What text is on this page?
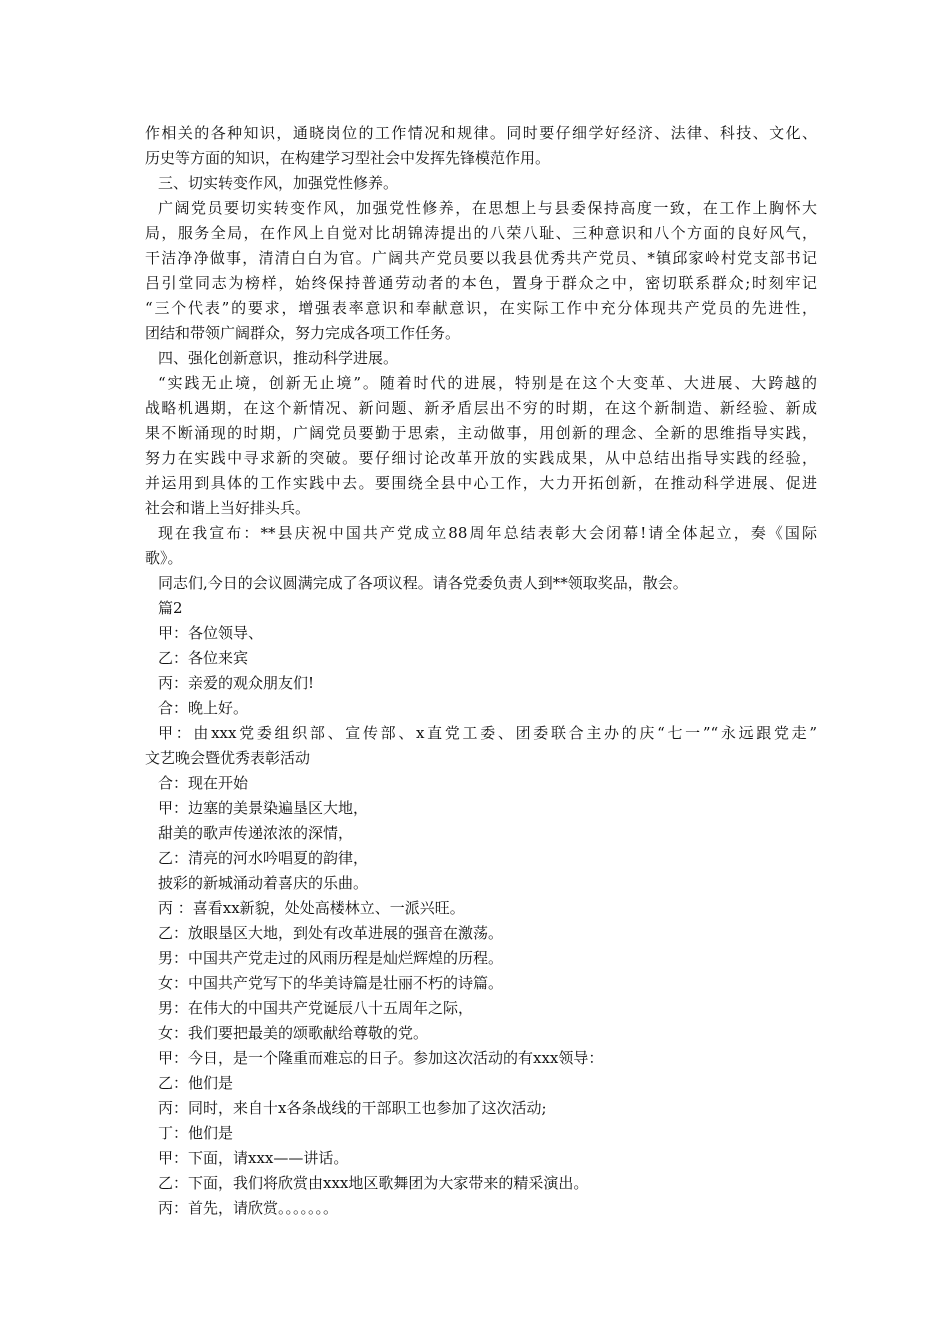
作相关的各种知识，通晓岗位的工作情况和规律。同时要仔细学好经济、法律、科技、文化、
历史等方面的知识，在构建学习型社会中发挥先锋模范作用。
三、切实转变作风，加强党性修养。
广阔党员要切实转变作风，加强党性修养，在思想上与县委保持高度一致，在工作上胸怀大
局，服务全局，在作风上自觉对比胡锦涛提出的八荣八耻、三种意识和八个方面的良好风气，
干洁净净做事，清清白白为官。广阔共产党员要以我县优秀共产党员、*镇邱家岭村党支部书记
吕引堂同志为榜样，始终保持普通劳动者的本色，置身于群众之中，密切联系群众;时刻牢记
“三个代表”的要求，增强表率意识和奉献意识，在实际工作中充分体现共产党员的先进性，
团结和带领广阔群众，努力完成各项工作任务。
四、强化创新意识，推动科学进展。
“实践无止境，创新无止境”。随着时代的进展，特别是在这个大变革、大进展、大跨越的
战略机遇期，在这个新情况、新问题、新矛盾层出不穷的时期，在这个新制造、新经验、新成
果不断涌现的时期，广阔党员要勤于思索，主动做事，用创新的理念、全新的思维指导实践，
努力在实践中寻求新的突破。要仔细讨论改革开放的实践成果，从中总结出指导实践的经验，
并运用到具体的工作实践中去。要围绕全县中心工作，大力开拓创新，在推动科学进展、促进
社会和谐上当好排头兵。
现在我宣布：**县庆祝中国共产党成立88周年总结表彰大会闭幕!请全体起立，奏《国际
歌》。
同志们,今日的会议圆满完成了各项议程。请各党委负责人到**领取奖品，散会。
篇2
甲：各位领导、
乙：各位来宾
丙：亲爱的观众朋友们!
合：晚上好。
甲：由xxx党委组织部、宣传部、x直党工委、团委联合主办的庆“七一”“永远跟党走”
文艺晚会暨优秀表彰活动
合：现在开始
甲：边塞的美景染遍垦区大地，
甜美的歌声传递浓浓的深情，
乙：清亮的河水吟唱夏的韵律，
披彩的新城涌动着喜庆的乐曲。
丙 ：喜看xx新貌，处处高楼林立、一派兴旺。
乙：放眼垦区大地，到处有改革进展的强音在激荡。
男：中国共产党走过的风雨历程是灿烂辉煌的历程。
女：中国共产党写下的华美诗篇是壮丽不朽的诗篇。
男：在伟大的中国共产党诞辰八十五周年之际，
女：我们要把最美的颂歌献给尊敬的党。
甲：今日，是一个隆重而难忘的日子。参加这次活动的有xxx领导：
乙：他们是
丙：同时，来自十x各条战线的干部职工也参加了这次活动;
丁：他们是
甲：下面，请xxx——讲话。
乙：下面，我们将欣赏由xxx地区歌舞团为大家带来的精采演出。
丙：首先，请欣赏。。。。。。。
